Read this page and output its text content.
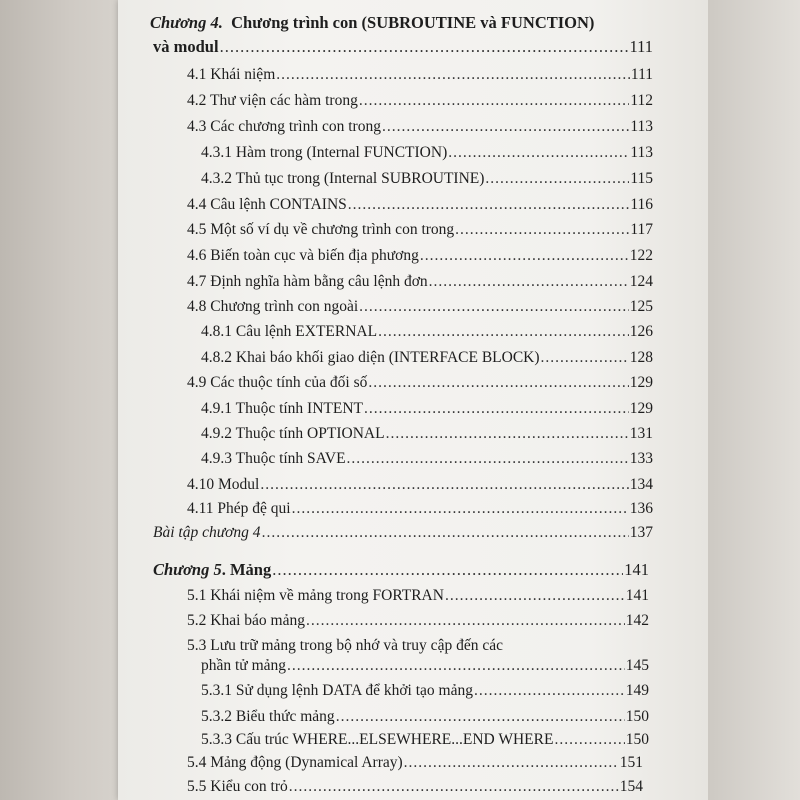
Chương 4. Chương trình con (SUBROUTINE và FUNCTION)
và modul .....	111
4.1 Khái niệm .....	111
4.2 Thư viện các hàm trong .....	112
4.3 Các chương trình con trong .....	113
4.3.1 Hàm trong (Internal FUNCTION) .....	113
4.3.2 Thủ tục trong (Internal SUBROUTINE) .....	115
4.4 Câu lệnh CONTAINS .....	116
4.5 Một số ví dụ về chương trình con trong .....	117
4.6 Biến toàn cục và biến địa phương .....	122
4.7 Định nghĩa hàm bằng câu lệnh đơn .....	124
4.8 Chương trình con ngoài .....	125
4.8.1 Câu lệnh EXTERNAL .....	126
4.8.2 Khai báo khối giao diện (INTERFACE BLOCK) .....	128
4.9 Các thuộc tính của đối số .....	129
4.9.1 Thuộc tính INTENT .....	129
4.9.2 Thuộc tính OPTIONAL .....	131
4.9.3 Thuộc tính SAVE .....	133
4.10 Modul .....	134
4.11 Phép đệ qui .....	136
Bài tập chương 4 .....	137
Chương 5. Mảng .....	141
5.1 Khái niệm về mảng trong FORTRAN .....	141
5.2 Khai báo mảng .....	142
5.3 Lưu trữ mảng trong bộ nhớ và truy cập đến các
phần tử mảng .....	145
5.3.1 Sử dụng lệnh DATA để khởi tạo mảng .....	149
5.3.2 Biểu thức mảng .....	150
5.3.3 Cấu trúc WHERE...ELSEWHERE...END WHERE .....	150
5.4 Mảng động (Dynamical Array) .....	151
5.5 Kiểu con trỏ .....	154
